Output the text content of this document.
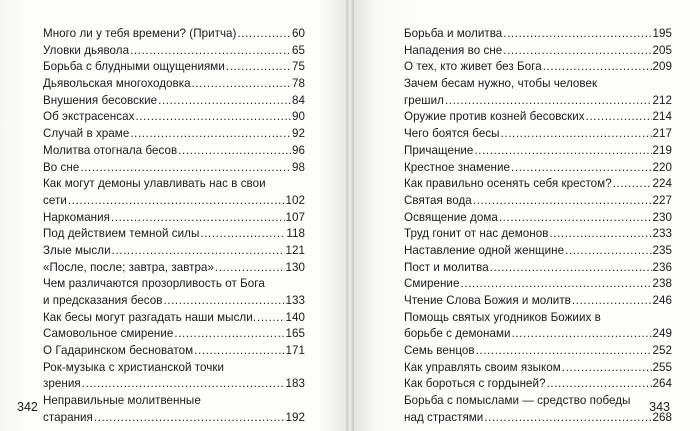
Много ли у тебя времени? (Притча) .....	60
Уловки дьявола .....	65
Борьба с блудными ощущениями .....	75
Дьявольская многоходовка .....	78
Внушения бесовские .....	84
Об экстрасенсах .....	90
Случай в храме .....	92
Молитва отогнала бесов .....	96
Во сне .....	98
Как могут демоны улавливать нас в свои
сети .....	102
Наркомания .....	107
Под действием темной силы .....	118
Злые мысли .....	121
«После, после; завтра, завтра» .....	130
Чем различаются прозорливость от Бога
и предсказания бесов .....	133
Как бесы могут разгадать наши мысли. .....	140
Самовольное смирение .....	165
О Гадаринском бесноватом .....	171
Рок-музыка с христианской точки
зрения .....	183
Неправильные молитвенные
старания .....	192
342
Борьба и молитва .....	195
Нападения во сне .....	205
О тех, кто живет без Бога .....	209
Зачем бесам нужно, чтобы человек
грешил .....	212
Оружие против козней бесовских .....	214
Чего боятся бесы .....	217
Причащение .....	219
Крестное знамение .....	220
Как правильно осенять себя крестом? .....	224
Святая вода .....	227
Освящение дома .....	230
Труд гонит от нас демонов .....	233
Наставление одной женщине .....	235
Пост и молитва .....	236
Смирение .....	238
Чтение Слова Божия и молитв .....	246
Помощь святых угодников Божиих в
борьбе с демонами .....	249
Семь венцов .....	252
Как управлять своим языком .....	255
Как бороться с гордыней? .....	264
Борьба с помыслами — средство победы
над страстями .....	268
343
